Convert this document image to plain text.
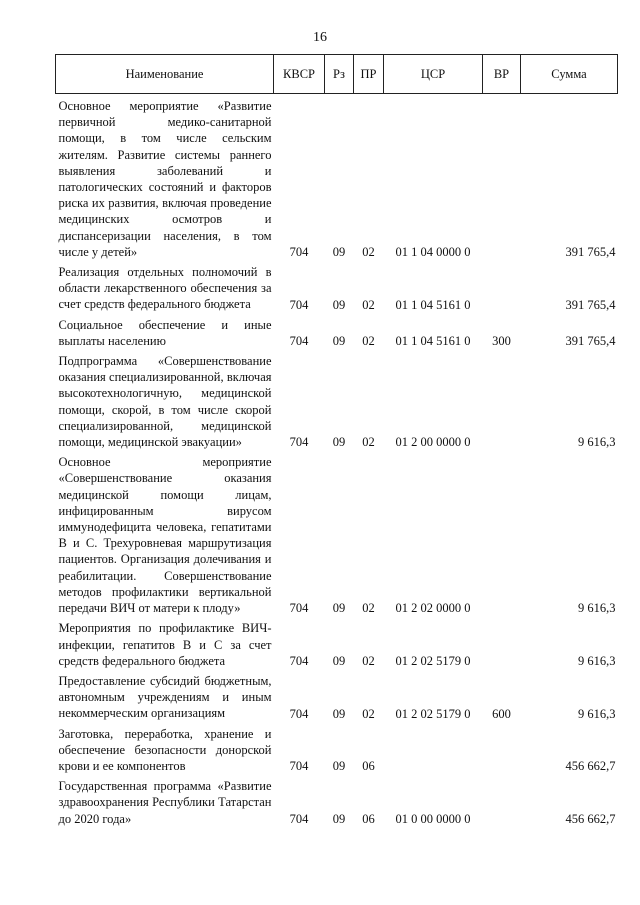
16
Наименование	КВСР	Рз	ПР	ЦСР	ВР	Сумма
Основное мероприятие «Развитие первичной медико-санитарной помощи, в том числе сельским жителям. Развитие системы раннего выявления заболеваний и патологических состояний и факторов риска их развития, включая проведение медицинских осмотров и диспансеризации населения, в том числе у детей»	704	09	02	01 1 04 0000 0		391 765,4
Реализация отдельных полномочий в области лекарственного обеспечения за счет средств федерального бюджета	704	09	02	01 1 04 5161 0		391 765,4
Социальное обеспечение и иные выплаты населению	704	09	02	01 1 04 5161 0	300	391 765,4
Подпрограмма «Совершенствование оказания специализированной, включая высокотехнологичную, медицинской помощи, скорой, в том числе скорой специализированной, медицинской помощи, медицинской эвакуации»	704	09	02	01 2 00 0000 0		9 616,3
Основное мероприятие «Совершенствование оказания медицинской помощи лицам, инфицированным вирусом иммунодефицита человека, гепатитами В и С. Трехуровневая маршрутизация пациентов. Организация долечивания и реабилитации. Совершенствование методов профилактики вертикальной передачи ВИЧ от матери к плоду»	704	09	02	01 2 02 0000 0		9 616,3
Мероприятия по профилактике ВИЧ-инфекции, гепатитов В и С за счет средств федерального бюджета	704	09	02	01 2 02 5179 0		9 616,3
Предоставление субсидий бюджетным, автономным учреждениям и иным некоммерческим организациям	704	09	02	01 2 02 5179 0	600	9 616,3
Заготовка, переработка, хранение и обеспечение безопасности донорской крови и ее компонентов	704	09	06			456 662,7
Государственная программа «Развитие здравоохранения Республики Татарстан до 2020 года»	704	09	06	01 0 00 0000 0		456 662,7
